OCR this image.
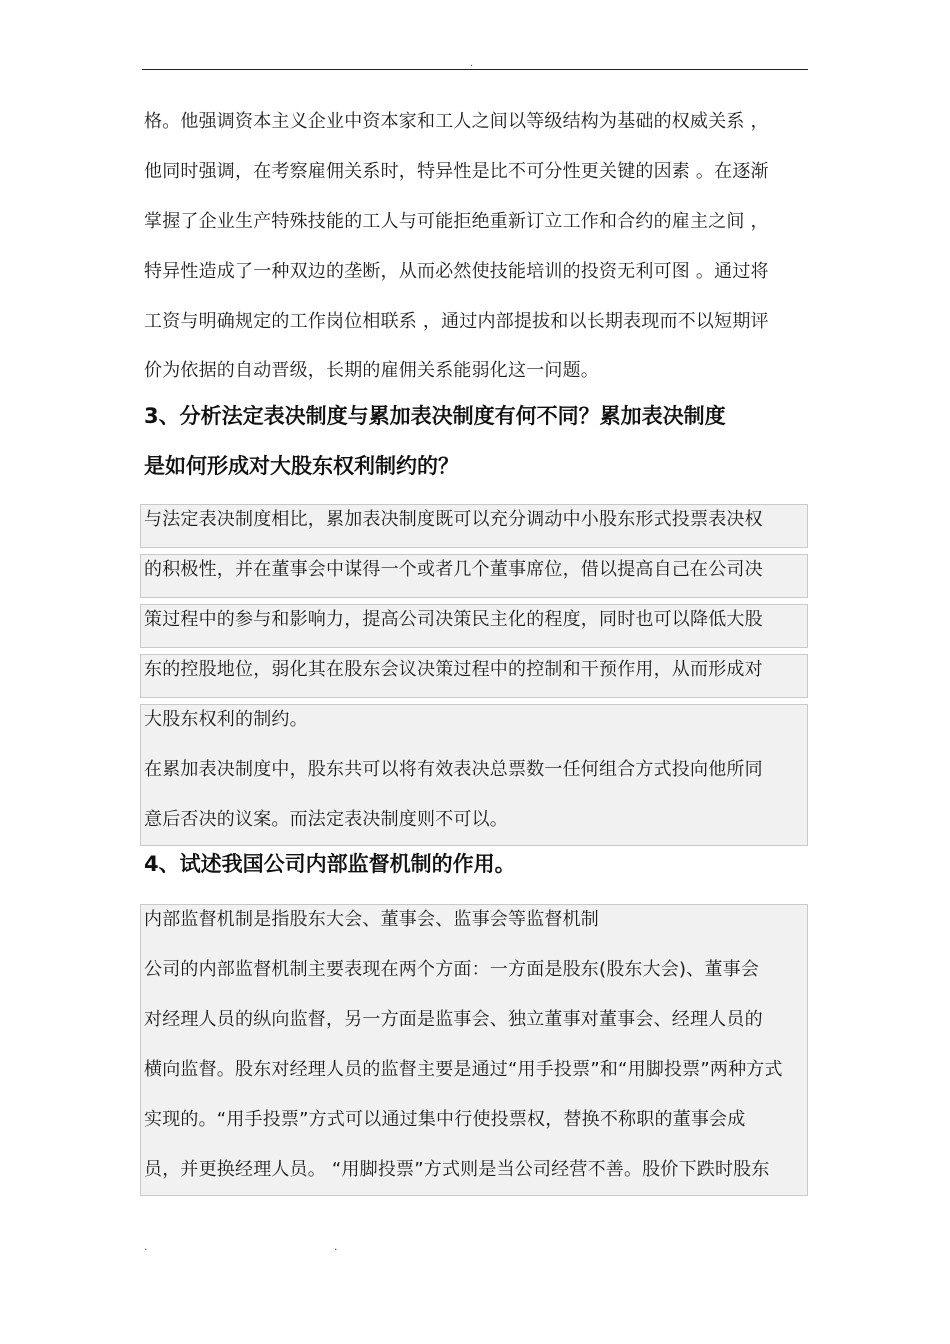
.
格。他强调资本主义企业中资本家和工人之间以等级结构为基础的权威关系 ，
他同时强调，在考察雇佣关系时，特异性是比不可分性更关键的因素 。在逐渐
掌握了企业生产特殊技能的工人与可能拒绝重新订立工作和合约的雇主之间 ，
特异性造成了一种双边的垄断，从而必然使技能培训的投资无利可图 。通过将
工资与明确规定的工作岗位相联系 ，通过内部提拔和以长期表现而不以短期评
价为依据的自动晋级，长期的雇佣关系能弱化这一问题。
3、分析法定表决制度与累加表决制度有何不同？累加表决制度
是如何形成对大股东权利制约的？
与法定表决制度相比，累加表决制度既可以充分调动中小股东形式投票表决权
的积极性，并在董事会中谋得一个或者几个董事席位，借以提高自己在公司决
策过程中的参与和影响力，提高公司决策民主化的程度，同时也可以降低大股
东的控股地位，弱化其在股东会议决策过程中的控制和干预作用，从而形成对
大股东权利的制约。
在累加表决制度中，股东共可以将有效表决总票数一任何组合方式投向他所同
意后否决的议案。而法定表决制度则不可以。
4、试述我国公司内部监督机制的作用。
内部监督机制是指股东大会、董事会、监事会等监督机制
公司的内部监督机制主要表现在两个方面：一方面是股东(股东大会)、董事会
对经理人员的纵向监督，另一方面是监事会、独立董事对董事会、经理人员的
横向监督。股东对经理人员的监督主要是通过“用手投票”和“用脚投票”两种方式
实现的。“用手投票”方式可以通过集中行使投票权，替换不称职的董事会成
员，并更换经理人员。 “用脚投票”方式则是当公司经营不善。股价下跌时股东
.	.
